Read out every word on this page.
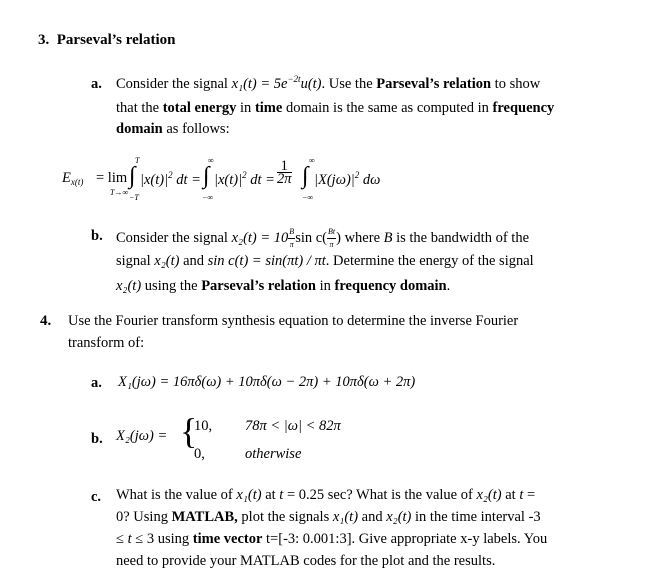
3. Parseval’s relation
a. Consider the signal $x_1(t) = 5e^{-2t}u(t)$. Use the Parseval’s relation to show
that the total energy in time domain is the same as computed in frequency
domain as follows:
$E_{x(t)} = \lim$
T→∞
T
∫
−T
$|x(t)|^2$ dt =
∞
∫
−∞
$|x(t)|^2$ dt = $\frac{1}{2\pi}$ ∞
∫
−∞
$|X(j\omega)|^2$ dω
b. Consider the signal $x_2(t) = 10 \frac{B}{\pi}$ $\sin c( \frac{Bt}{\pi}$ ) where B is the bandwidth of the
signal x₂(t) and sin c(t) = sin(πt) / πt. Determine the energy of the signal
x₂(t) using the Parseval’s relation in frequency domain.
4. Use the Fourier transform synthesis equation to determine the inverse Fourier
transform of:
a. X₁(jω) = 16πδ(ω) + 10πδ(ω − 2π) + 10πδ(ω + 2π)
b. X₂(jω) = {
10, 78π < |ω| < 82π
0,	otherwise
c. What is the value of x₁(t) at t = 0.25 sec? What is the value of x₂(t) at t =
0? Using MATLAB, plot the signals x₁(t) and x₂(t) in the time interval -3
≤ t ≤ 3 using time vector t=[-3: 0.001:3]. Give appropriate x-y labels. You
need to provide your MATLAB codes for the plot and the results.
